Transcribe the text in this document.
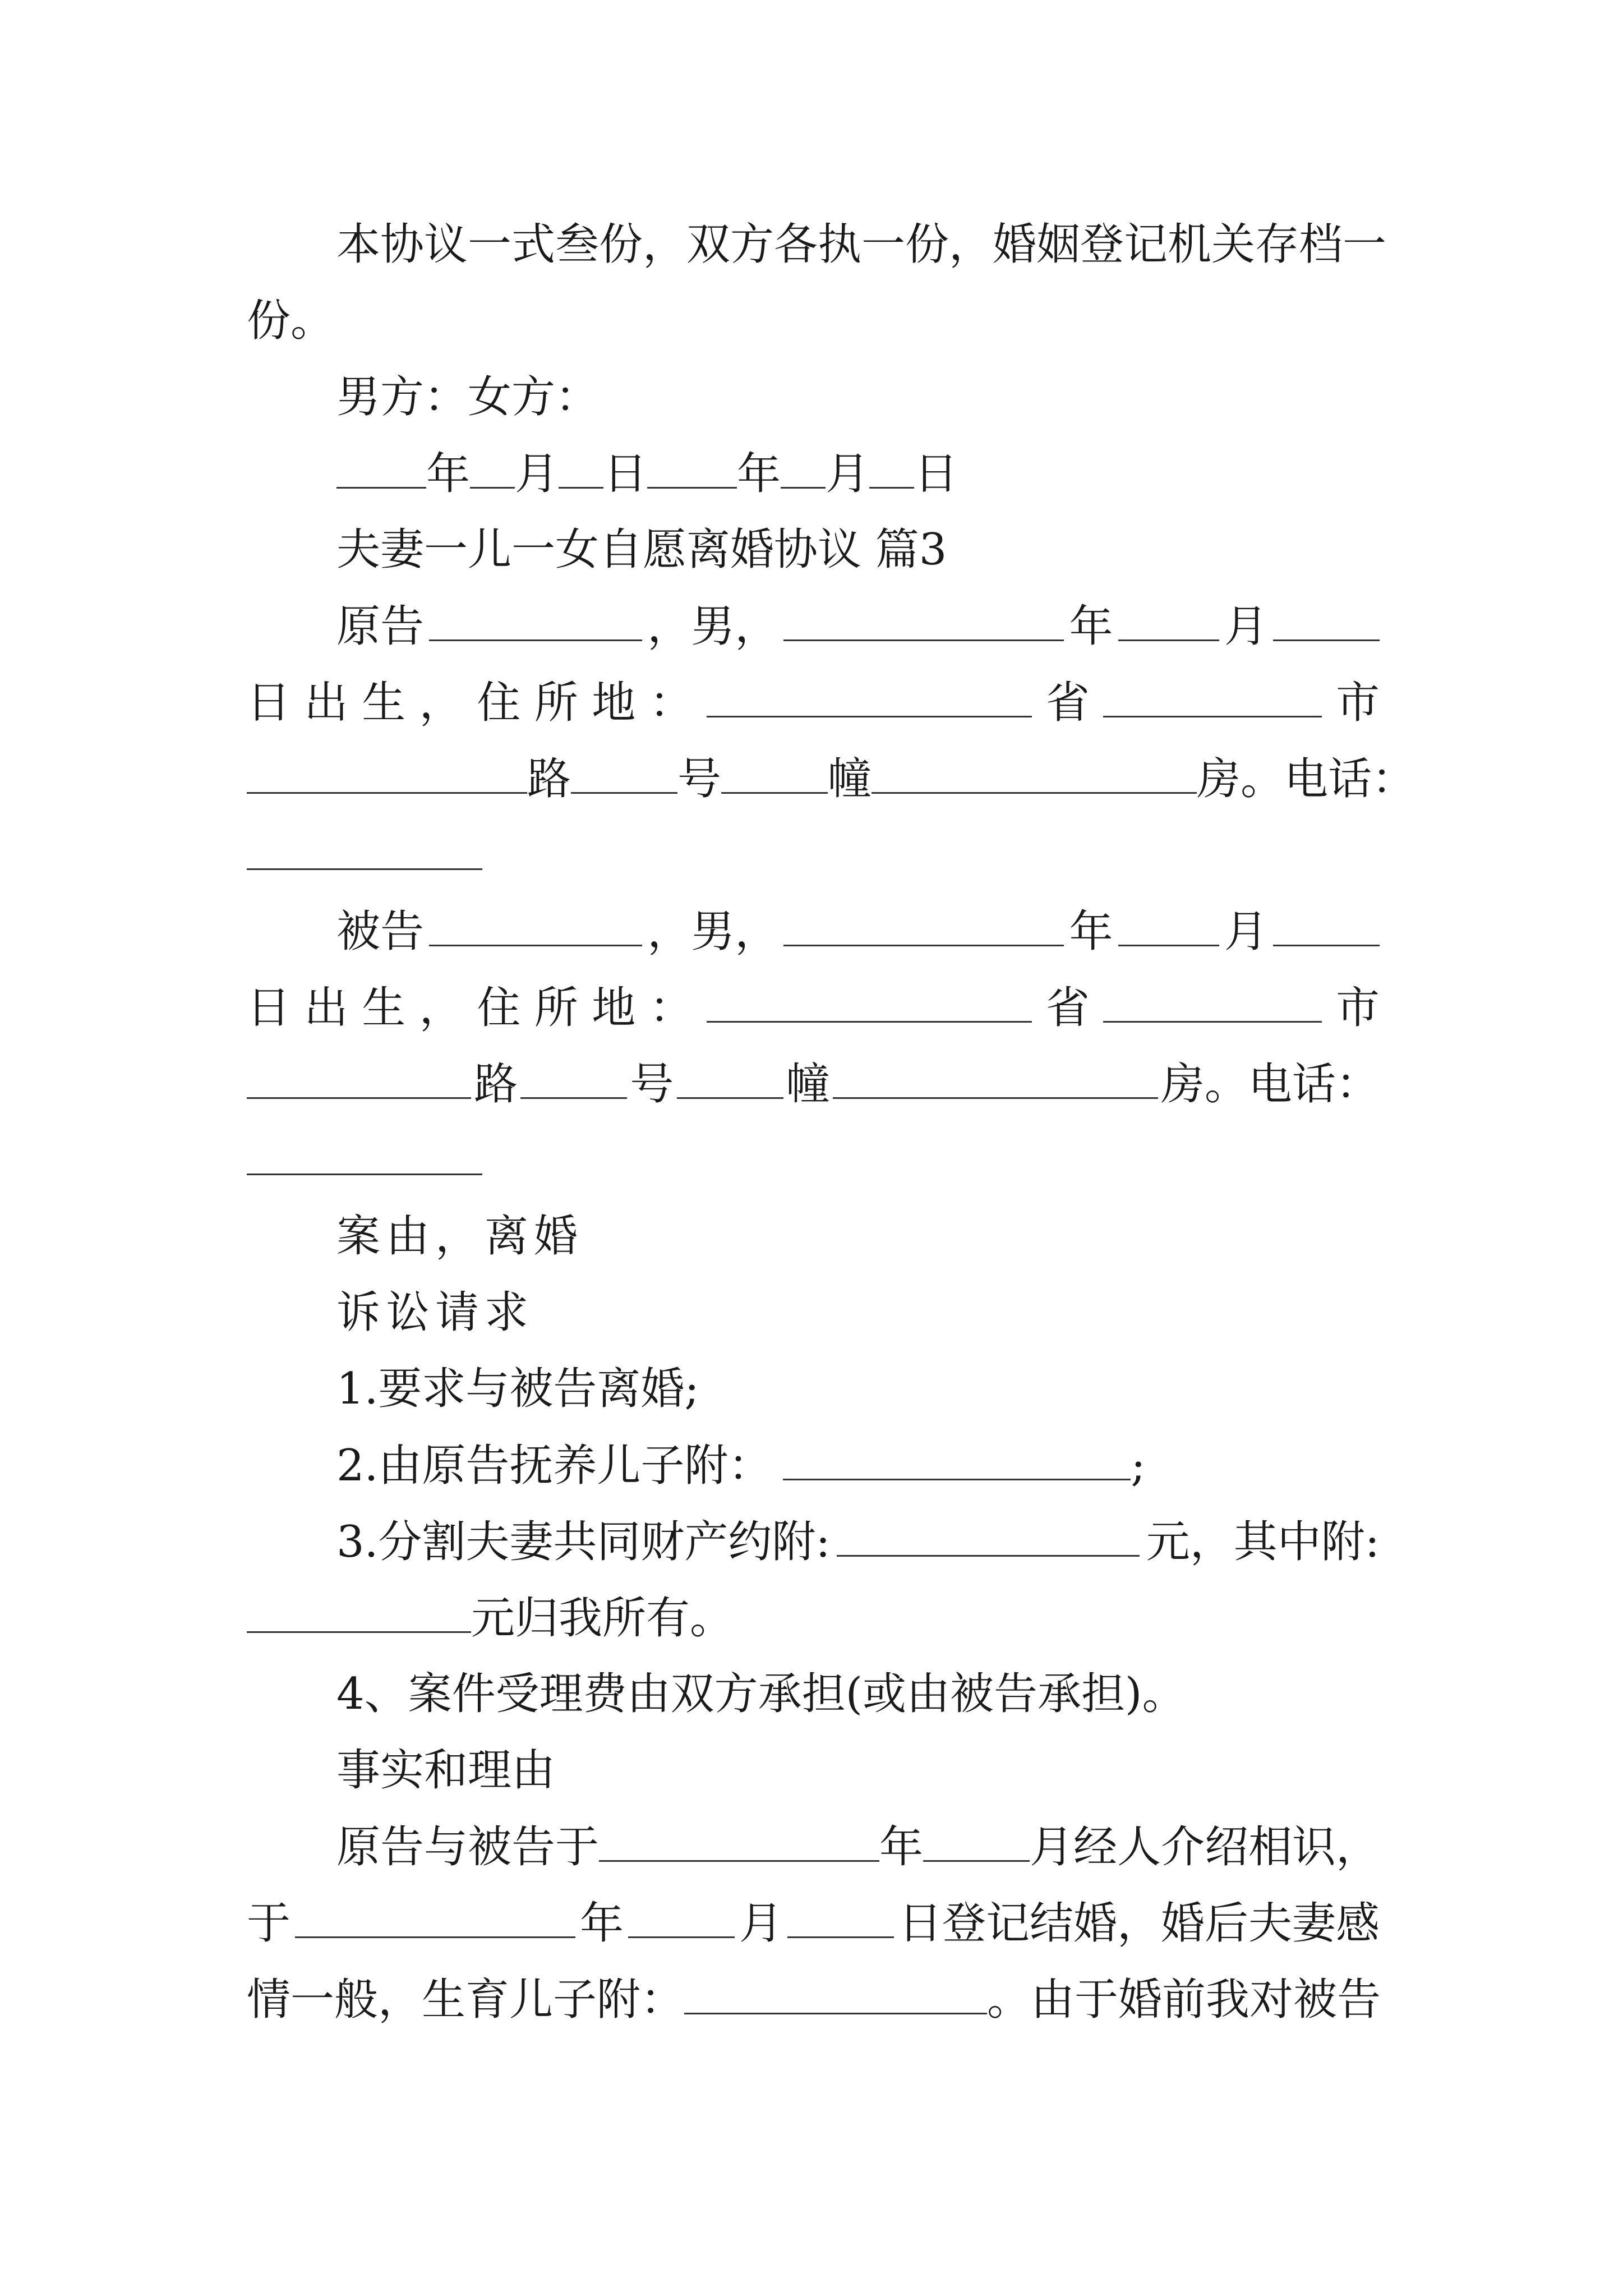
本协议一式叁份，双方各执一份，婚姻登记机关存档一
份。
男方：女方：
年 月 日 年 月 日
夫妻一儿一女自愿离婚协议 篇3
原告	，男，	年	月
日 出 生 ， 住 所 地 ：	省	市
路 号 幢	房。电话：
被告	，男，	年	月
日 出 生 ， 住 所 地 ：	省	市
路	号	幢	房。电话：
案由，离婚
诉讼请求
1.要求与被告离婚;
2.由原告抚养儿子附：	;
3.分割夫妻共同财产约附:	元，其中附:
元归我所有。
4、案件受理费由双方承担(或由被告承担)。
事实和理由
原告与被告于	年 月经人介绍相识，
于	年	月	日登记结婚，婚后夫妻感
情一般，生育儿子附：	。由于婚前我对被告
